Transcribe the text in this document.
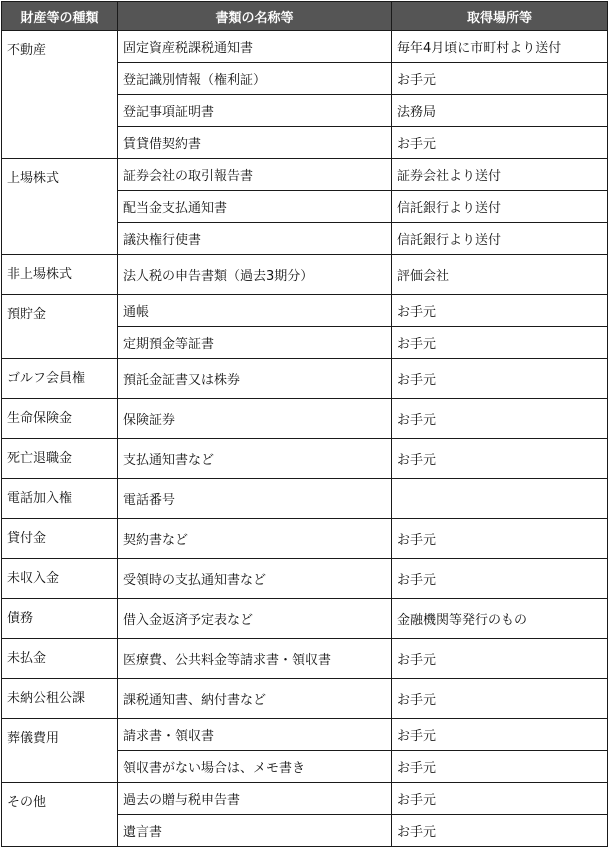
財産等の種類	書類の名称等	取得場所等
不動産	固定資産税課税通知書	毎年4月頃に市町村より送付
	登記識別情報（権利証）	お手元
	登記事項証明書	法務局
	賃貸借契約書	お手元
上場株式	証券会社の取引報告書	証券会社より送付
	配当金支払通知書	信託銀行より送付
	議決権行使書	信託銀行より送付
非上場株式	法人税の申告書類（過去3期分）	評価会社
預貯金	通帳	お手元
	定期預金等証書	お手元
ゴルフ会員権	預託金証書又は株券	お手元
生命保険金	保険証券	お手元
死亡退職金	支払通知書など	お手元
電話加入権	電話番号	
貸付金	契約書など	お手元
未収入金	受領時の支払通知書など	お手元
債務	借入金返済予定表など	金融機関等発行のもの
未払金	医療費、公共料金等請求書・領収書	お手元
未納公租公課	課税通知書、納付書など	お手元
葬儀費用	請求書・領収書	お手元
	領収書がない場合は、メモ書き	お手元
その他	過去の贈与税申告書	お手元
	遺言書	お手元
